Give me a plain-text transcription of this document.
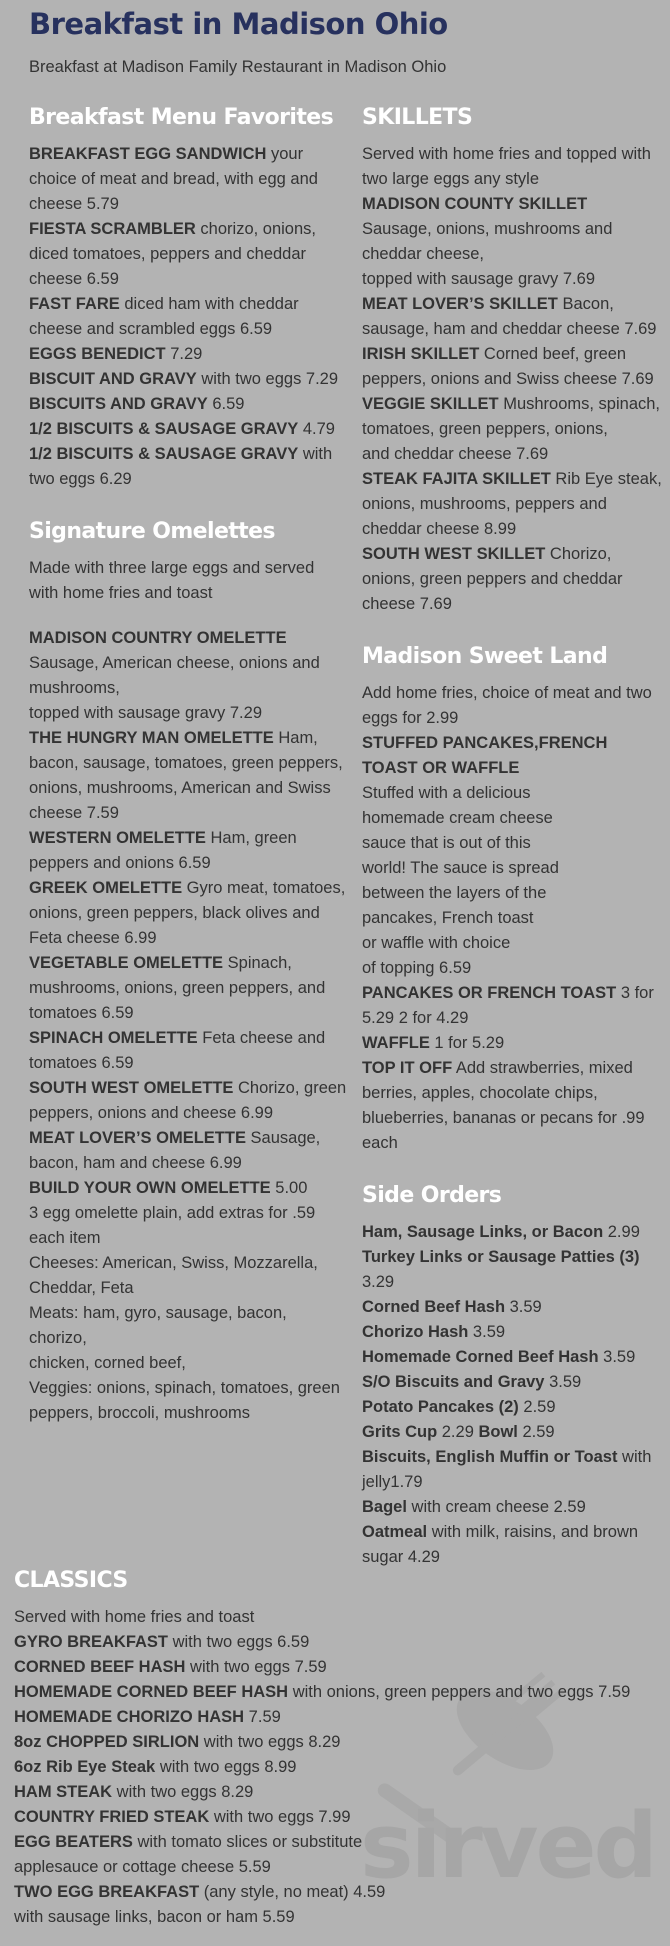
Breakfast in Madison Ohio

Breakfast at Madison Family Restaurant in Madison Ohio

sirved
Breakfast Menu Favorites

BREAKFAST EGG SANDWICH your choice of meat and bread, with egg and cheese 5.79

FIESTA SCRAMBLER chorizo, onions, diced tomatoes, peppers and cheddar cheese 6.59

FAST FARE diced ham with cheddar cheese and scrambled eggs 6.59

EGGS BENEDICT 7.29

BISCUIT AND GRAVY with two eggs 7.29

BISCUITS AND GRAVY 6.59

1/2 BISCUITS & SAUSAGE GRAVY 4.79

1/2 BISCUITS & SAUSAGE GRAVY with two eggs 6.29

Signature Omelettes

Made with three large eggs and served with home fries and toast

MADISON COUNTRY OMELETTE
Sausage, American cheese, onions and mushrooms,
topped with sausage gravy 7.29

THE HUNGRY MAN OMELETTE Ham, bacon, sausage, tomatoes, green peppers, onions, mushrooms, American and Swiss cheese 7.59

WESTERN OMELETTE Ham, green peppers and onions 6.59

GREEK OMELETTE Gyro meat, tomatoes, onions, green peppers, black olives and Feta cheese 6.99

VEGETABLE OMELETTE Spinach, mushrooms, onions, green peppers, and tomatoes 6.59

SPINACH OMELETTE Feta cheese and tomatoes 6.59

SOUTH WEST OMELETTE Chorizo, green peppers, onions and cheese 6.99

MEAT LOVER’S OMELETTE Sausage, bacon, ham and cheese 6.99

BUILD YOUR OWN OMELETTE 5.00

3 egg omelette plain, add extras for .59 each item

Cheeses: American, Swiss, Mozzarella, Cheddar, Feta

Meats: ham, gyro, sausage, bacon, chorizo,

chicken, corned beef,

Veggies: onions, spinach, tomatoes, green peppers, broccoli, mushrooms

SKILLETS

Served with home fries and topped with two large eggs any style

MADISON COUNTY SKILLET
Sausage, onions, mushrooms and cheddar cheese,
topped with sausage gravy 7.69

MEAT LOVER’S SKILLET Bacon, sausage, ham and cheddar cheese 7.69

IRISH SKILLET Corned beef, green peppers, onions and Swiss cheese 7.69

VEGGIE SKILLET Mushrooms, spinach, tomatoes, green peppers, onions,
and cheddar cheese 7.69

STEAK FAJITA SKILLET Rib Eye steak, onions, mushrooms, peppers and cheddar cheese 8.99

SOUTH WEST SKILLET Chorizo, onions, green peppers and cheddar cheese 7.69

Madison Sweet Land

Add home fries, choice of meat and two eggs for 2.99

STUFFED PANCAKES,FRENCH TOAST OR WAFFLE

Stuffed with a delicious

homemade cream cheese

sauce that is out of this

world! The sauce is spread

between the layers of the

pancakes, French toast

or waffle with choice

of topping 6.59

PANCAKES OR FRENCH TOAST 3 for 5.29 2 for 4.29

WAFFLE 1 for 5.29

TOP IT OFF Add strawberries, mixed berries, apples, chocolate chips, blueberries, bananas or pecans for .99 each

Side Orders

Ham, Sausage Links, or Bacon 2.99

Turkey Links or Sausage Patties (3) 3.29

Corned Beef Hash 3.59

Chorizo Hash 3.59

Homemade Corned Beef Hash 3.59

S/O Biscuits and Gravy 3.59

Potato Pancakes (2) 2.59

Grits Cup 2.29 Bowl 2.59

Biscuits, English Muffin or Toast with jelly1.79

Bagel with cream cheese 2.59

Oatmeal with milk, raisins, and brown sugar 4.29

CLASSICS

Served with home fries and toast

GYRO BREAKFAST with two eggs 6.59

CORNED BEEF HASH with two eggs 7.59

HOMEMADE CORNED BEEF HASH with onions, green peppers and two eggs 7.59

HOMEMADE CHORIZO HASH 7.59

8oz CHOPPED SIRLION with two eggs 8.29

6oz Rib Eye Steak with two eggs 8.99

HAM STEAK with two eggs 8.29

COUNTRY FRIED STEAK with two eggs 7.99

EGG BEATERS with tomato slices or substitute
applesauce or cottage cheese 5.59

TWO EGG BREAKFAST (any style, no meat) 4.59
with sausage links, bacon or ham 5.59
